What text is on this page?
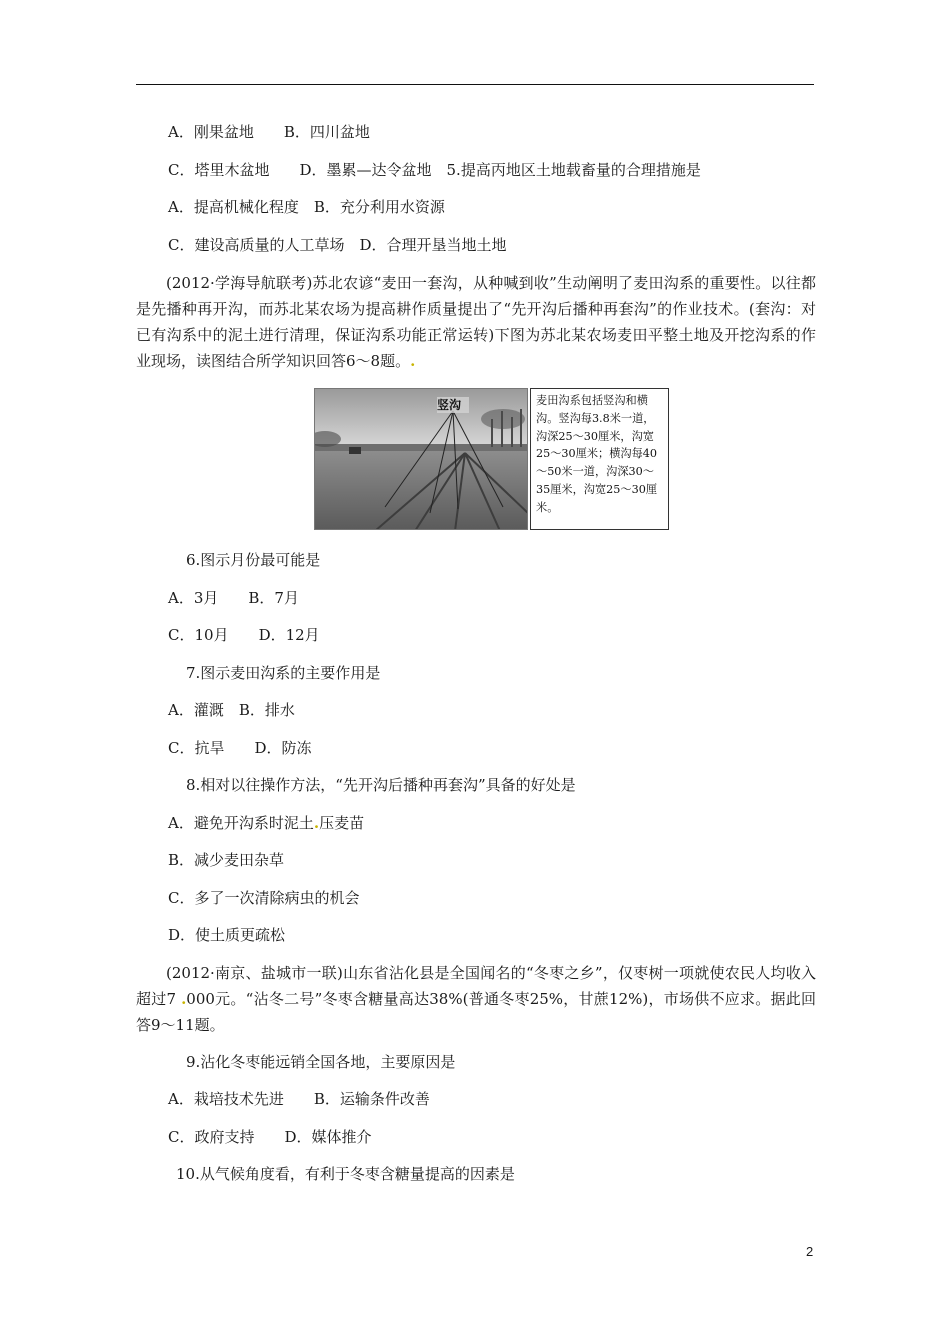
A．刚果盆地　　B．四川盆地
C．塔里木盆地　　D．墨累—达令盆地　5.提高丙地区土地载畜量的合理措施是
A．提高机械化程度　B．充分利用水资源
C．建设高质量的人工草场　D．合理开垦当地土地
(2012·学海导航联考)苏北农谚“麦田一套沟，从种喊到收”生动阐明了麦田沟系的重要性。以往都是先播种再开沟，而苏北某农场为提高耕作质量提出了“先开沟后播种再套沟”的作业技术。(套沟：对已有沟系中的泥土进行清理，保证沟系功能正常运转)下图为苏北某农场麦田平整土地及开挖沟系的作业现场，读图结合所学知识回答6～8题。.
竖沟	麦田沟系包括竖沟和横沟。竖沟每3.8米一道，沟深25～30厘米，沟宽25～30厘米；横沟每40～50米一道，沟深30～35厘米，沟宽25～30厘米。
6.图示月份最可能是
A．3月　　B．7月
C．10月　　D．12月
7.图示麦田沟系的主要作用是
A．灌溉　B．排水
C．抗旱　　D．防冻
8.相对以往操作方法，“先开沟后播种再套沟”具备的好处是
A．避免开沟系时泥土.压麦苗
B．减少麦田杂草
C．多了一次清除病虫的机会
D．使土质更疏松
(2012·南京、盐城市一联)山东省沾化县是全国闻名的“冬枣之乡”，仅枣树一项就使农民人均收入超过7 .000元。“沾冬二号”冬枣含糖量高达38%(普通冬枣25%，甘蔗12%)，市场供不应求。据此回答9～11题。
9.沾化冬枣能远销全国各地，主要原因是
A．栽培技术先进　　B．运输条件改善
C．政府支持　　D．媒体推介
10.从气候角度看，有利于冬枣含糖量提高的因素是
2
